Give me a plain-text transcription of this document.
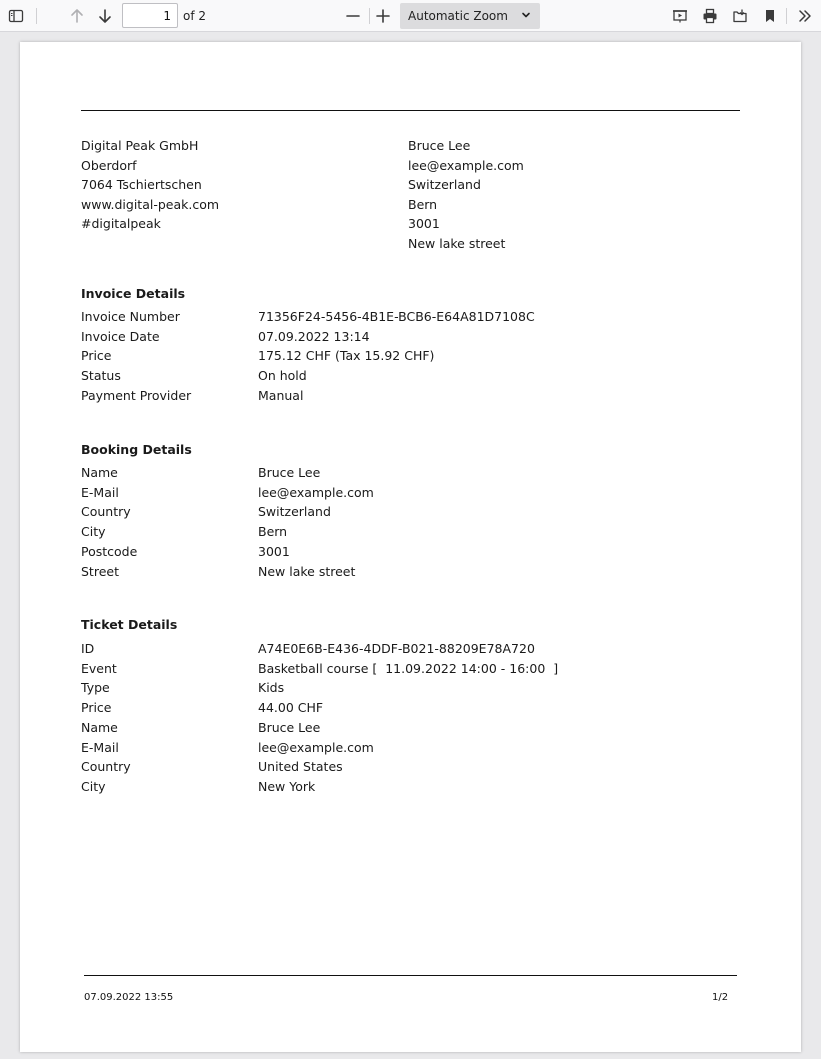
1
of 2	Automatic Zoom
Digital Peak GmbH
Oberdorf
7064 Tschiertschen
www.digital-peak.com
#digitalpeak
Bruce Lee
lee@example.com
Switzerland
Bern
3001
New lake street
Invoice Details
Invoice Number	71356F24-5456-4B1E-BCB6-E64A81D7108C
Invoice Date	07.09.2022 13:14
Price	175.12 CHF (Tax 15.92 CHF)
Status	On hold
Payment Provider	Manual
Booking Details
Name	Bruce Lee
E-Mail	lee@example.com
Country	Switzerland
City	Bern
Postcode	3001
Street	New lake street
Ticket Details
ID	A74E0E6B-E436-4DDF-B021-88209E78A720
Event	Basketball course [  11.09.2022 14:00 - 16:00  ]
Type	Kids
Price	44.00 CHF
Name	Bruce Lee
E-Mail	lee@example.com
Country	United States
City	New York
07.09.2022 13:55	1/2
